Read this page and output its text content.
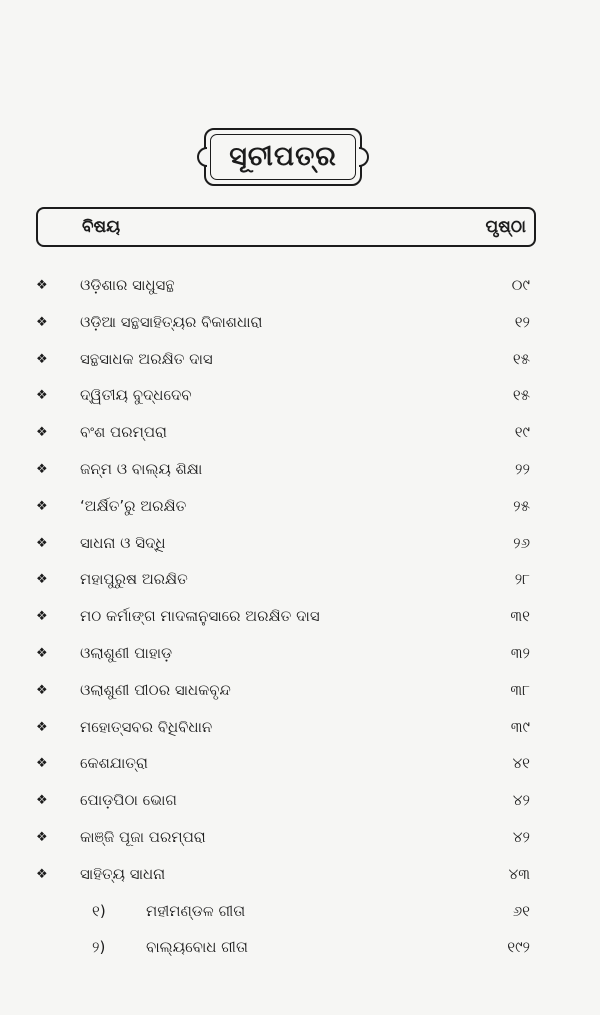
ସୂଚୀପତ୍ର
ବିଷୟ	ପୃଷ୍ଠା
❖ ଓଡ଼ିଶାର ସାଧୁସନ୍ଥ	୦୯
❖ ଓଡ଼ିଆ ସନ୍ଥସାହିତ୍ୟର ବିକାଶଧାରା	୧୨
❖ ସନ୍ଥସାଧକ ଅରକ୍ଷିତ ଦାସ	୧୫
❖ ଦ୍ୱିତୀୟ ବୁଦ୍ଧଦେବ	୧୫
❖ ବଂଶ ପରମ୍ପରା	୧୯
❖ ଜନ୍ମ ଓ ବାଲ୍ୟ ଶିକ୍ଷା	୨୨
❖ ‘ଅର୍କ୍ଷିତ’ରୁ ଅରକ୍ଷିତ	୨୫
❖ ସାଧନା ଓ ସିଦ୍ଧି	୨୬
❖ ମହାପୁରୁଷ ଅରକ୍ଷିତ	୨୮
❖ ମଠ କର୍ମାଙ୍ଗ ମାଦଳାନୁସାରେ ଅରକ୍ଷିତ ଦାସ	୩୧
❖ ଓଲାଶୁଣୀ ପାହାଡ଼	୩୨
❖ ଓଲାଶୁଣୀ ପୀଠର ସାଧକବୃନ୍ଦ	୩୮
❖ ମହୋତ୍ସବର ବିଧିବିଧାନ	୩୯
❖ କେଶଯାତ୍ରା	୪୧
❖ ପୋଡ଼ପିଠା ଭୋଗ	୪୨
❖ କାଞ୍ଜି ପୂଜା ପରମ୍ପରା	୪୨
❖ ସାହିତ୍ୟ ସାଧନା	୪୩
୧)	ମହୀମଣ୍ଡଳ ଗୀତା	୬୧
୨)	ବାଲ୍ୟବୋଧ ଗୀତା	୧୯୨
